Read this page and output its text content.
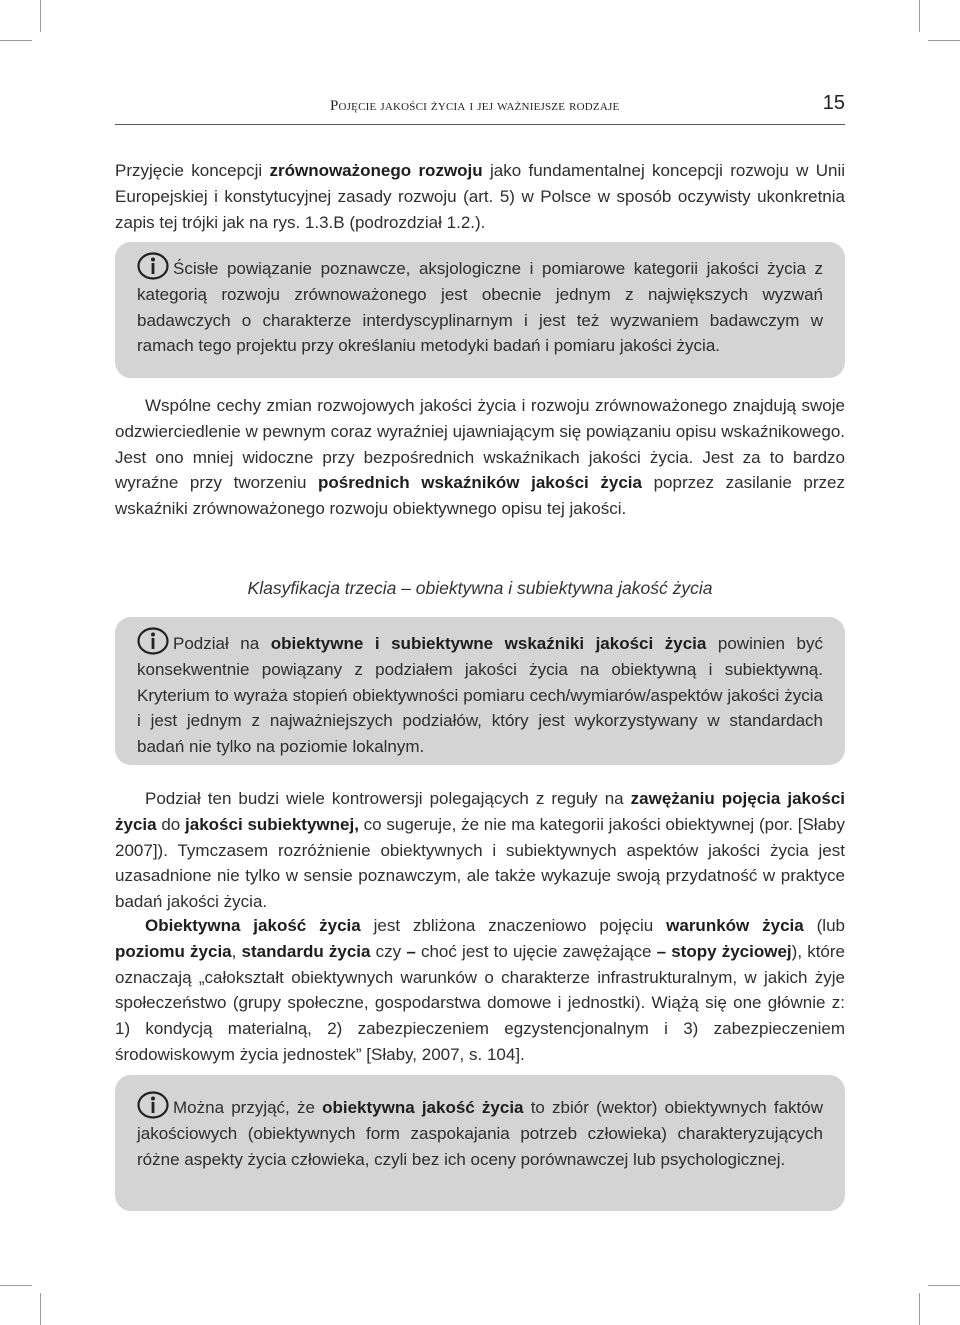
Pojęcie jakości życia i jej ważniejsze rodzaje	15
Przyjęcie koncepcji zrównoważonego rozwoju jako fundamentalnej koncepcji rozwoju w Unii Europejskiej i konstytucyjnej zasady rozwoju (art. 5) w Polsce w sposób oczywisty ukonkretnia zapis tej trójki jak na rys. 1.3.B (podrozdział 1.2.).
Ścisłe powiązanie poznawcze, aksjologiczne i pomiarowe kategorii jakości życia z kategorią rozwoju zrównoważonego jest obecnie jednym z największych wyzwań badawczych o charakterze interdyscyplinarnym i jest też wyzwaniem badawczym w ramach tego projektu przy określaniu metodyki badań i pomiaru jakości życia.
Wspólne cechy zmian rozwojowych jakości życia i rozwoju zrównoważonego znajdują swoje odzwierciedlenie w pewnym coraz wyraźniej ujawniającym się powiązaniu opisu wskaźnikowego. Jest ono mniej widoczne przy bezpośrednich wskaźnikach jakości życia. Jest za to bardzo wyraźne przy tworzeniu pośrednich wskaźników jakości życia poprzez zasilanie przez wskaźniki zrównoważonego rozwoju obiektywnego opisu tej jakości.
Klasyfikacja trzecia – obiektywna i subiektywna jakość życia
Podział na obiektywne i subiektywne wskaźniki jakości życia powinien być konsekwentnie powiązany z podziałem jakości życia na obiektywną i subiektywną. Kryterium to wyraża stopień obiektywności pomiaru cech/wymiarów/aspektów jakości życia i jest jednym z najważniejszych podziałów, który jest wykorzystywany w standardach badań nie tylko na poziomie lokalnym.
Podział ten budzi wiele kontrowersji polegających z reguły na zawężaniu pojęcia jakości życia do jakości subiektywnej, co sugeruje, że nie ma kategorii jakości obiektywnej (por. [Słaby 2007]). Tymczasem rozróżnienie obiektywnych i subiektywnych aspektów jakości życia jest uzasadnione nie tylko w sensie poznawczym, ale także wykazuje swoją przydatność w praktyce badań jakości życia.
Obiektywna jakość życia jest zbliżona znaczeniowo pojęciu warunków życia (lub poziomu życia, standardu życia czy – choć jest to ujęcie zawężające – stopy życiowej), które oznaczają „całokształt obiektywnych warunków o charakterze infrastrukturalnym, w jakich żyje społeczeństwo (grupy społeczne, gospodarstwa domowe i jednostki). Wiążą się one głównie z: 1) kondycją materialną, 2) zabezpieczeniem egzystencjonalnym i 3) zabezpieczeniem środowiskowym życia jednostek” [Słaby, 2007, s. 104].
Można przyjąć, że obiektywna jakość życia to zbiór (wektor) obiektywnych faktów jakościowych (obiektywnych form zaspokajania potrzeb człowieka) charakteryzujących różne aspekty życia człowieka, czyli bez ich oceny porównawczej lub psychologicznej.
